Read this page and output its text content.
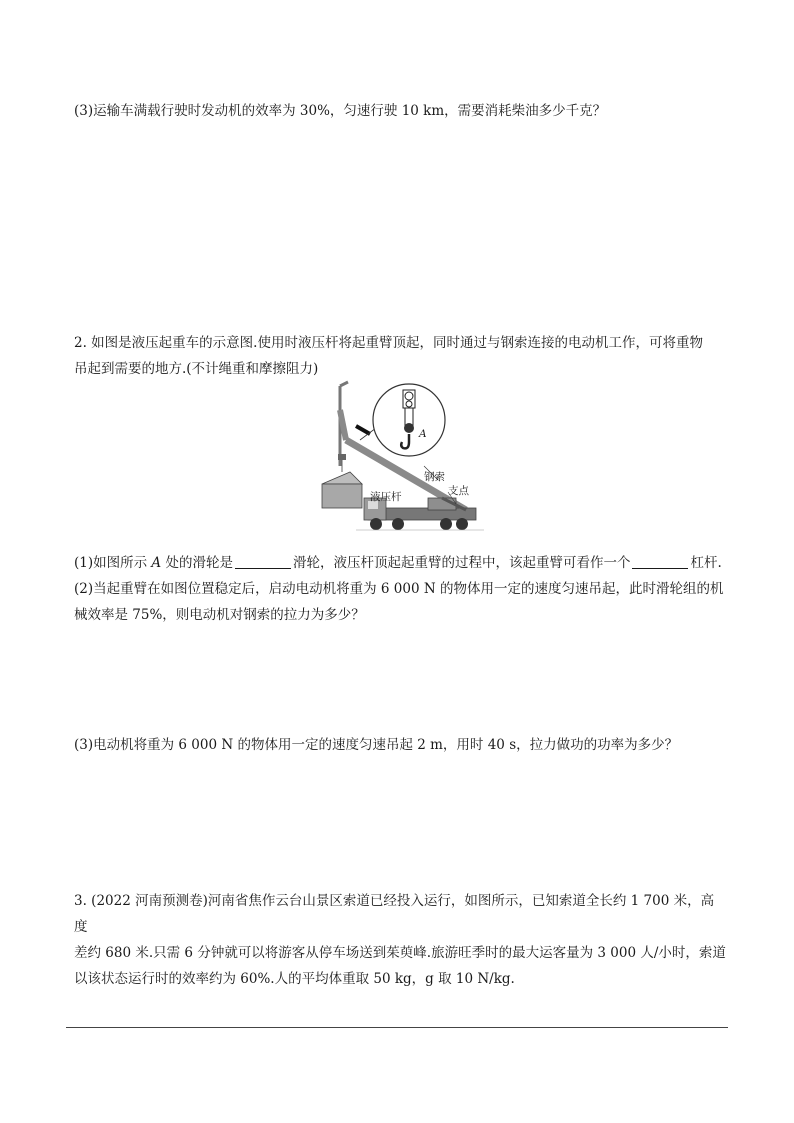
(3)运输车满载行驶时发动机的效率为 30%，匀速行驶 10 km，需要消耗柴油多少千克？

2. 如图是液压起重车的示意图.使用时液压杆将起重臂顶起，同时通过与钢索连接的电动机工作，可将重物
吊起到需要的地方.(不计绳重和摩擦阻力)

A
钢索
支点
液压杆

(1)如图所示 A 处的滑轮是	滑轮，液压杆顶起起重臂的过程中，该起重臂可看作一个	杠杆.

(2)当起重臂在如图位置稳定后，启动电动机将重为 6 000 N 的物体用一定的速度匀速吊起，此时滑轮组的机
械效率是 75%，则电动机对钢索的拉力为多少？

(3)电动机将重为 6 000 N 的物体用一定的速度匀速吊起 2 m，用时 40 s，拉力做功的功率为多少？

3. (2022 河南预测卷)河南省焦作云台山景区索道已经投入运行，如图所示，已知索道全长约 1 700 米，高度
差约 680 米.只需 6 分钟就可以将游客从停车场送到茱萸峰.旅游旺季时的最大运客量为 3 000 人/小时，索道
以该状态运行时的效率约为 60%.人的平均体重取 50 kg，g 取 10 N/kg.
